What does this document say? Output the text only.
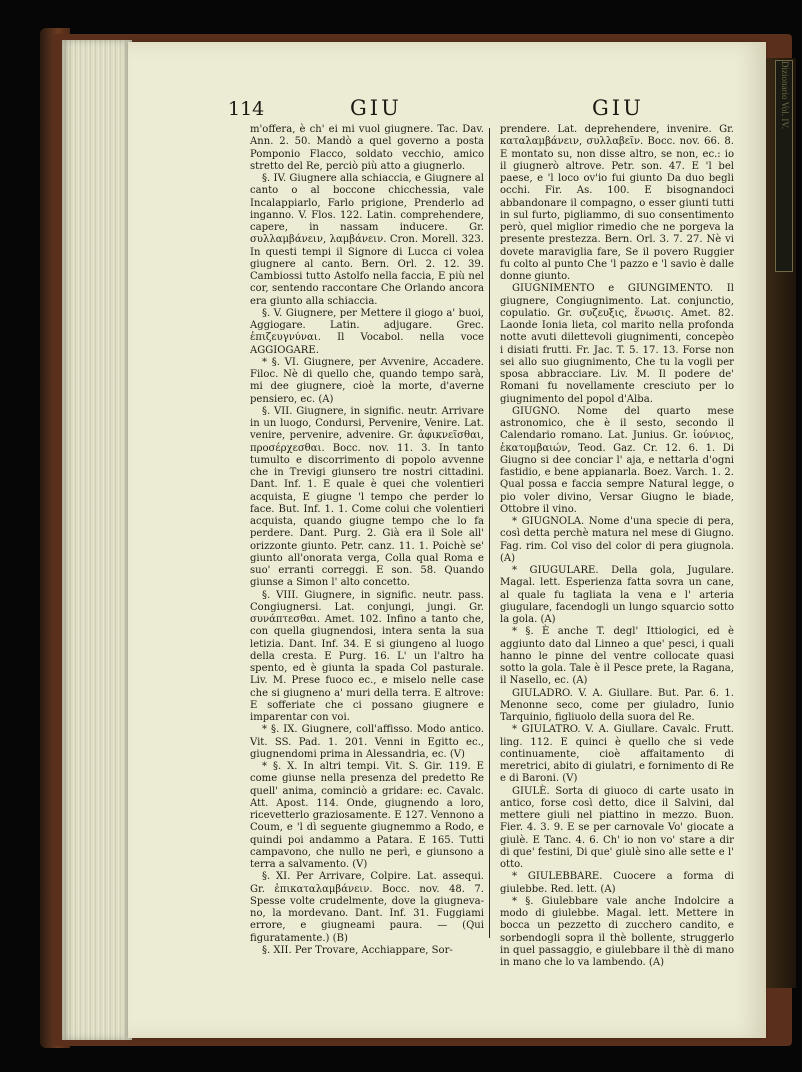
Dizionario Vol. IV.
114	GIU	GIU

m'offera, è ch' ei mi vuol giugnere. Tac. Dav. Ann. 2. 50. Mandò a quel governo a posta Pomponio Flacco, soldato vecchio, amico stretto del Re, perciò più atto a giugnerlo.

§. IV. Giugnere alla schiaccia, e Giugnere al canto o al boccone chicchessia, vale Incalappiarlo, Farlo prigione, Prenderlo ad inganno. V. Flos. 122. Latin. comprehendere, capere, in nassam inducere. Gr. συλλαμβάνειν, λαμβάνειν. Cron. Morell. 323. In questi tempi il Signore di Lucca ci volea giugnere al canto. Bern. Orl. 2. 12. 39. Cambiossi tutto Astolfo nella faccia, E più nel cor, sentendo raccontare Che Orlando ancora era giunto alla schiaccia.

§. V. Giugnere, per Mettere il giogo a' buoi, Aggiogare. Latin. adjugare. Grec. ἐπιζευγνύναι. Il Vocabol. nella voce AGGIOGARE.

* §. VI. Giugnere, per Avvenire, Accadere. Filoc. Nè di quello che, quando tempo sarà, mi dee giugnere, cioè la morte, d'averne pensiero, ec. (A)

§. VII. Giugnere, in signific. neutr. Arrivare in un luogo, Condursi, Pervenire, Venire. Lat. venire, pervenire, advenire. Gr. ἀφικνεῖσθαι, προσέρχεσθαι. Bocc. nov. 11. 3. In tanto tumulto e discorrimento di popolo avvenne che in Trevigi giunsero tre nostri cittadini. Dant. Inf. 1. E quale è quei che volentieri acquista, E giugne 'l tempo che perder lo face. But. Inf. 1. 1. Come colui che volentieri acquista, quando giugne tempo che lo fa perdere. Dant. Purg. 2. Già era il Sole all' orizzonte giunto. Petr. canz. 11. 1. Poichè se' giunto all'onorata verga, Colla qual Roma e suo' erranti correggi. E son. 58. Quando giunse a Simon l' alto concetto.

§. VIII. Giugnere, in signific. neutr. pass. Congiugnersi. Lat. conjungi, jungi. Gr. συνάπτεσθαι. Amet. 102. Infino a tanto che, con quella giugnendosi, intera senta la sua letizia. Dant. Inf. 34. E si giungeno al luogo della cresta. E Purg. 16. L' un l'altro ha spento, ed è giunta la spada Col pasturale. Liv. M. Prese fuoco ec., e miselo nelle case che si giugneno a' muri della terra. E altrove: E sofferiate che ci possano giugnere e imparentar con voi.

* §. IX. Giugnere, coll'affisso. Modo antico. Vit. SS. Pad. 1. 201. Venni in Egitto ec., giugnendomi prima in Alessandria, ec. (V)

* §. X. In altri tempi. Vit. S. Gir. 119. E come giunse nella presenza del predetto Re quell' anima, cominciò a gridare: ec. Cavalc. Att. Apost. 114. Onde, giugnendo a loro, ricevetterlo graziosamente. E 127. Vennono a Coum, e 'l dì seguente giugnemmo a Rodo, e quindi poi andammo a Patara. E 165. Tutti campavono, che nullo ne perì, e giunsono a terra a salvamento. (V)

§. XI. Per Arrivare, Colpire. Lat. assequi. Gr. ἐπικαταλαμβάνειν. Bocc. nov. 48. 7. Spesse volte crudelmente, dove la giugneva-no, la mordevano. Dant. Inf. 31. Fuggiami errore, e giugneami paura. — (Qui figuratamente.) (B)

§. XII. Per Trovare, Acchiappare, Sor-

prendere. Lat. deprehendere, invenire. Gr. καταλαμβάνειν, συλλαβεῖν. Bocc. nov. 66. 8. E montato su, non disse altro, se non, ec.: io il giugnerò altrove. Petr. son. 47. E 'l bel paese, e 'l loco ov'io fui giunto Da duo begli occhi. Fir. As. 100. E bisognandoci abbandonare il compagno, o esser giunti tutti in sul furto, pigliammo, di suo consentimento però, quel miglior rimedio che ne porgeva la presente prestezza. Bern. Orl. 3. 7. 27. Nè vi dovete maraviglia fare, Se il povero Ruggier fu colto al punto Che 'l pazzo e 'l savio è dalle donne giunto.

GIUGNIMENTO e GIUNGIMENTO. Il giugnere, Congiugnimento. Lat. conjunctio, copulatio. Gr. συζευξις, ἕνωσις. Amet. 82. Laonde Ionia lieta, col marito nella profonda notte avuti dilettevoli giugnimenti, concepèo i disiati frutti. Fr. Jac. T. 5. 17. 13. Forse non sei allo suo giugnimento, Che tu la vogli per sposa abbracciare. Liv. M. Il podere de' Romani fu novellamente cresciuto per lo giugnimento del popol d'Alba.

GIUGNO. Nome del quarto mese astronomico, che è il sesto, secondo il Calendario romano. Lat. Junius. Gr. ἰούνιος, ἑκατομβαιών, Teod. Gaz. Cr. 12. 6. 1. Di Giugno si dee conciar l' aja, e nettarla d'ogni fastidio, e bene appianarla. Boez. Varch. 1. 2. Qual possa e faccia sempre Natural legge, o pio voler divino, Versar Giugno le biade, Ottobre il vino.

* GIUGNOLA. Nome d'una specie di pera, così detta perchè matura nel mese di Giugno. Fag. rim. Col viso del color di pera giugnola. (A)

* GIUGULARE. Della gola, Jugulare. Magal. lett. Esperienza fatta sovra un cane, al quale fu tagliata la vena e l' arteria giugulare, facendogli un lungo squarcio sotto la gola. (A)

* §. È anche T. degl' Ittiologici, ed è aggiunto dato dal Linneo a que' pesci, i quali hanno le pinne del ventre collocate quasi sotto la gola. Tale è il Pesce prete, la Ragana, il Nasello, ec. (A)

GIULADRO. V. A. Giullare. But. Par. 6. 1. Menonne seco, come per giuladro, Iunio Tarquinio, figliuolo della suora del Re.

* GIULATRO. V. A. Giullare. Cavalc. Frutt. ling. 112. E quinci è quello che si vede continuamente, cioè affaitamento di meretrici, abito di giulatri, e fornimento di Re e di Baroni. (V)

GIULÈ. Sorta di giuoco di carte usato in antico, forse così detto, dice il Salvini, dal mettere giuli nel piattino in mezzo. Buon. Fier. 4. 3. 9. E se per carnovale Vo' giocate a giulè. E Tanc. 4. 6. Ch' io non vo' stare a dir di que' festini, Di que' giulè sino alle sette e l' otto.

* GIULEBBARE. Cuocere a forma di giulebbe. Red. lett. (A)

* §. Giulebbare vale anche Indolcire a modo di giulebbe. Magal. lett. Mettere in bocca un pezzetto di zucchero candito, e sorbendogli sopra il thè bollente, struggerlo in quel passaggio, e giulebbare il thè di mano in mano che lo va lambendo. (A)
